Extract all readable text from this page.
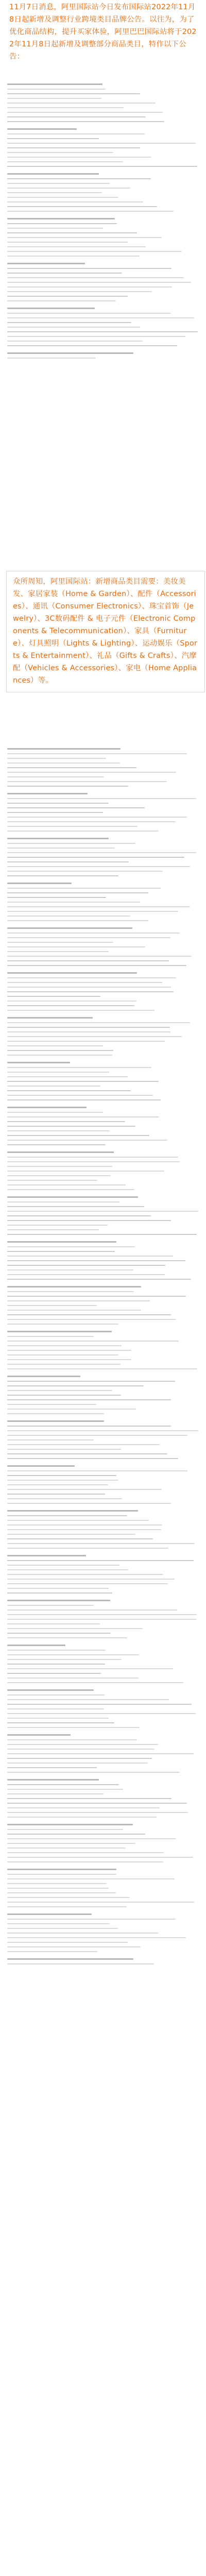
11月7日消息，阿里国际站今日发布国际站2022年11月8日起新增及调整行业跨境类目品牌公告。以往为，为了优化商品结构，提升买家体验，阿里巴巴国际站将于2022年11月8日起新增及调整部分商品类目，特作以下公告：

众所周知，阿里国际站：新增商品类目需要：美妆美发、家居家装（Home & Garden）、配件（Accessories）、通讯（Consumer Electronics）、珠宝首饰（Jewelry）、3C数码配件 & 电子元件（Electronic Components & Telecommunication）、家具（Furniture）、灯具照明（Lights & Lighting）、运动娱乐（Sports & Entertainment）、礼品（Gifts & Crafts）、汽摩配（Vehicles & Accessories）、家电（Home Appliances）等。
